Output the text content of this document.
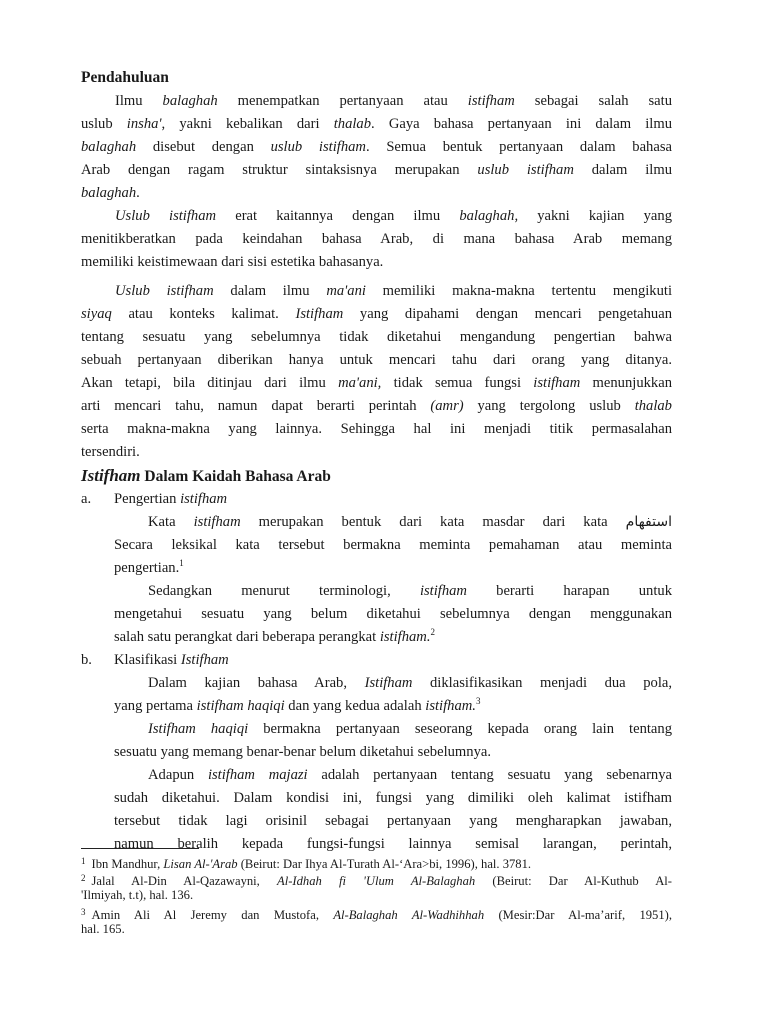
Pendahuluan
Ilmu balaghah menempatkan pertanyaan atau istifham sebagai salah satu
uslub insha', yakni kebalikan dari thalab. Gaya bahasa pertanyaan ini dalam ilmu
balaghah disebut dengan uslub istifham. Semua bentuk pertanyaan dalam bahasa
Arab dengan ragam struktur sintaksisnya merupakan uslub istifham dalam ilmu
balaghah.
Uslub istifham erat kaitannya dengan ilmu balaghah, yakni kajian yang
menitikberatkan pada keindahan bahasa Arab, di mana bahasa Arab memang
memiliki keistimewaan dari sisi estetika bahasanya.
Uslub istifham dalam ilmu ma'ani memiliki makna-makna tertentu mengikuti
siyaq atau konteks kalimat. Istifham yang dipahami dengan mencari pengetahuan
tentang sesuatu yang sebelumnya tidak diketahui mengandung pengertian bahwa
sebuah pertanyaan diberikan hanya untuk mencari tahu dari orang yang ditanya.
Akan tetapi, bila ditinjau dari ilmu ma'ani, tidak semua fungsi istifham menunjukkan
arti mencari tahu, namun dapat berarti perintah (amr) yang tergolong uslub thalab
serta makna-makna yang lainnya. Sehingga hal ini menjadi titik permasalahan
tersendiri.
Istifham Dalam Kaidah Bahasa Arab
a. Pengertian istifham
Kata istifham merupakan bentuk dari kata masdar dari kata استفهام
Secara leksikal kata tersebut bermakna meminta pemahaman atau meminta
pengertian.$^1$
Sedangkan menurut terminologi, istifham berarti harapan untuk
mengetahui sesuatu yang belum diketahui sebelumnya dengan menggunakan
salah satu perangkat dari beberapa perangkat istifham.$^2$
b. Klasifikasi Istifham
Dalam kajian bahasa Arab, Istifham diklasifikasikan menjadi dua pola,
yang pertama istifham haqiqi dan yang kedua adalah istifham.$^3$
Istifham haqiqi bermakna pertanyaan seseorang kepada orang lain tentang
sesuatu yang memang benar-benar belum diketahui sebelumnya.
Adapun istifham majazi adalah pertanyaan tentang sesuatu yang sebenarnya
sudah diketahui. Dalam kondisi ini, fungsi yang dimiliki oleh kalimat istifham
tersebut tidak lagi orisinil sebagai pertanyaan yang mengharapkan jawaban,
namun beralih kepada fungsi-fungsi lainnya semisal larangan, perintah,
$^1$ Ibn Mandhur, Lisan Al-'Arab (Beirut: Dar Ihya Al-Turath Al-‘Ara>bi, 1996), hal. 3781.
$^2$ Jalal Al-Din Al-Qazawayni, Al-Idhah fi 'Ulum Al-Balaghah (Beirut: Dar Al-Kuthub Al-
'Ilmiyah, t.t), hal. 136.
$^3$ Amin Ali Al Jeremy dan Mustofa, Al-Balaghah Al-Wadhihhah (Mesir:Dar Al-ma’arif, 1951),
hal. 165.
